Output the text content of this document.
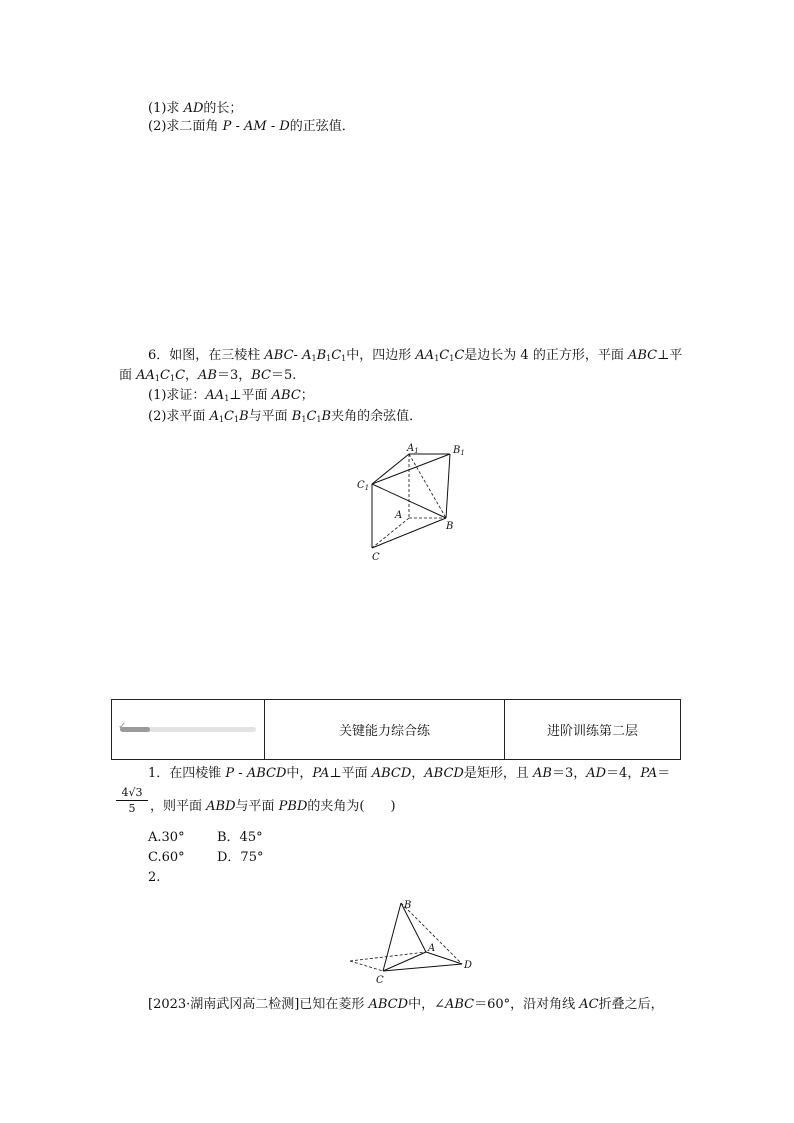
(1)求 AD的长；
(2)求二面角 P - AM - D的正弦值．
6．如图，在三棱柱 ABC- $A_1B_1C_1$中，四边形 $AA_1C_1C$是边长为 4 的正方形，平面 ABC⊥平
面 $AA_1C_1C$，AB＝3，BC＝5.
(1)求证：$AA_1\perp$平面 ABC；
(2)求平面 $A_1C_1B$与平面 $B_1C_1B$夹角的余弦值．
$A_1$	$B_1$
$C_1$
A
B
C
✓	关键能力综合练	进阶训练第二层
1．在四棱锥 P - ABCD中，PA⊥平面 ABCD，ABCD是矩形，且 AB＝3，AD＝4，PA＝
$\frac{4√3}{5}$ ，则平面 ABD与平面 PBD的夹角为(　　)
A.30° B．45°
C.60° D．75°
2.
B
A
C
D
[2023·湖南武冈高二检测]已知在菱形 ABCD中，∠ABC＝60°，沿对角线 AC折叠之后，
